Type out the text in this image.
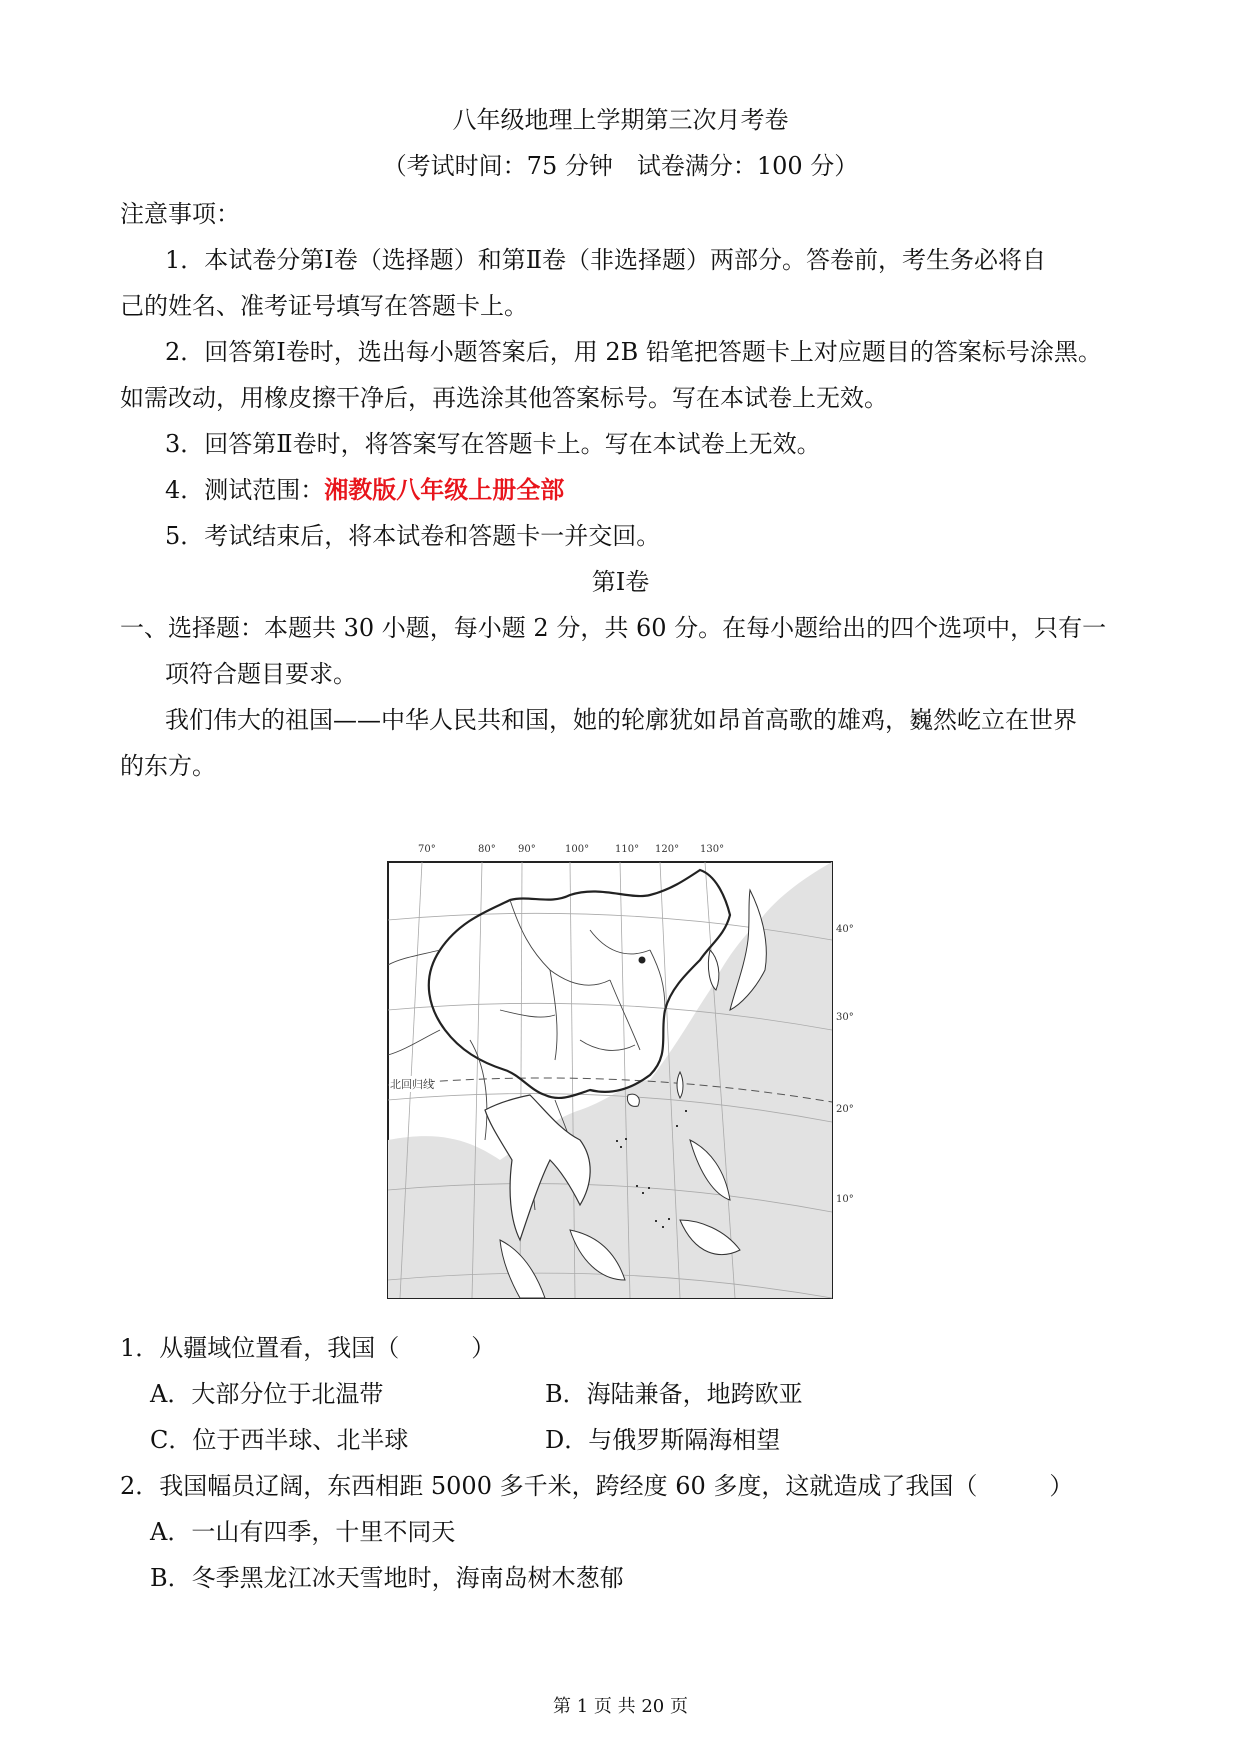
八年级地理上学期第三次月考卷
（考试时间：75 分钟　试卷满分：100 分）
注意事项：
1．本试卷分第Ⅰ卷（选择题）和第Ⅱ卷（非选择题）两部分。答卷前，考生务必将自
己的姓名、准考证号填写在答题卡上。
2．回答第Ⅰ卷时，选出每小题答案后，用 2B 铅笔把答题卡上对应题目的答案标号涂黑。
如需改动，用橡皮擦干净后，再选涂其他答案标号。写在本试卷上无效。
3．回答第Ⅱ卷时，将答案写在答题卡上。写在本试卷上无效。
4．测试范围：湘教版八年级上册全部
5．考试结束后，将本试卷和答题卡一并交回。
第Ⅰ卷
一、选择题：本题共 30 小题，每小题 2 分，共 60 分。在每小题给出的四个选项中，只有一
项符合题目要求。
我们伟大的祖国——中华人民共和国，她的轮廓犹如昂首高歌的雄鸡，巍然屹立在世界
的东方。
70°	80° 90°	100°	110° 120° 130°
40°
30°
20°
10°
北回归线
1．从疆域位置看，我国（　　　）
A．大部分位于北温带	B．海陆兼备，地跨欧亚
C．位于西半球、北半球	D．与俄罗斯隔海相望
2．我国幅员辽阔，东西相距 5000 多千米，跨经度 60 多度，这就造成了我国（　　　）
A．一山有四季，十里不同天
B．冬季黑龙江冰天雪地时，海南岛树木葱郁
第 1 页 共 20 页
